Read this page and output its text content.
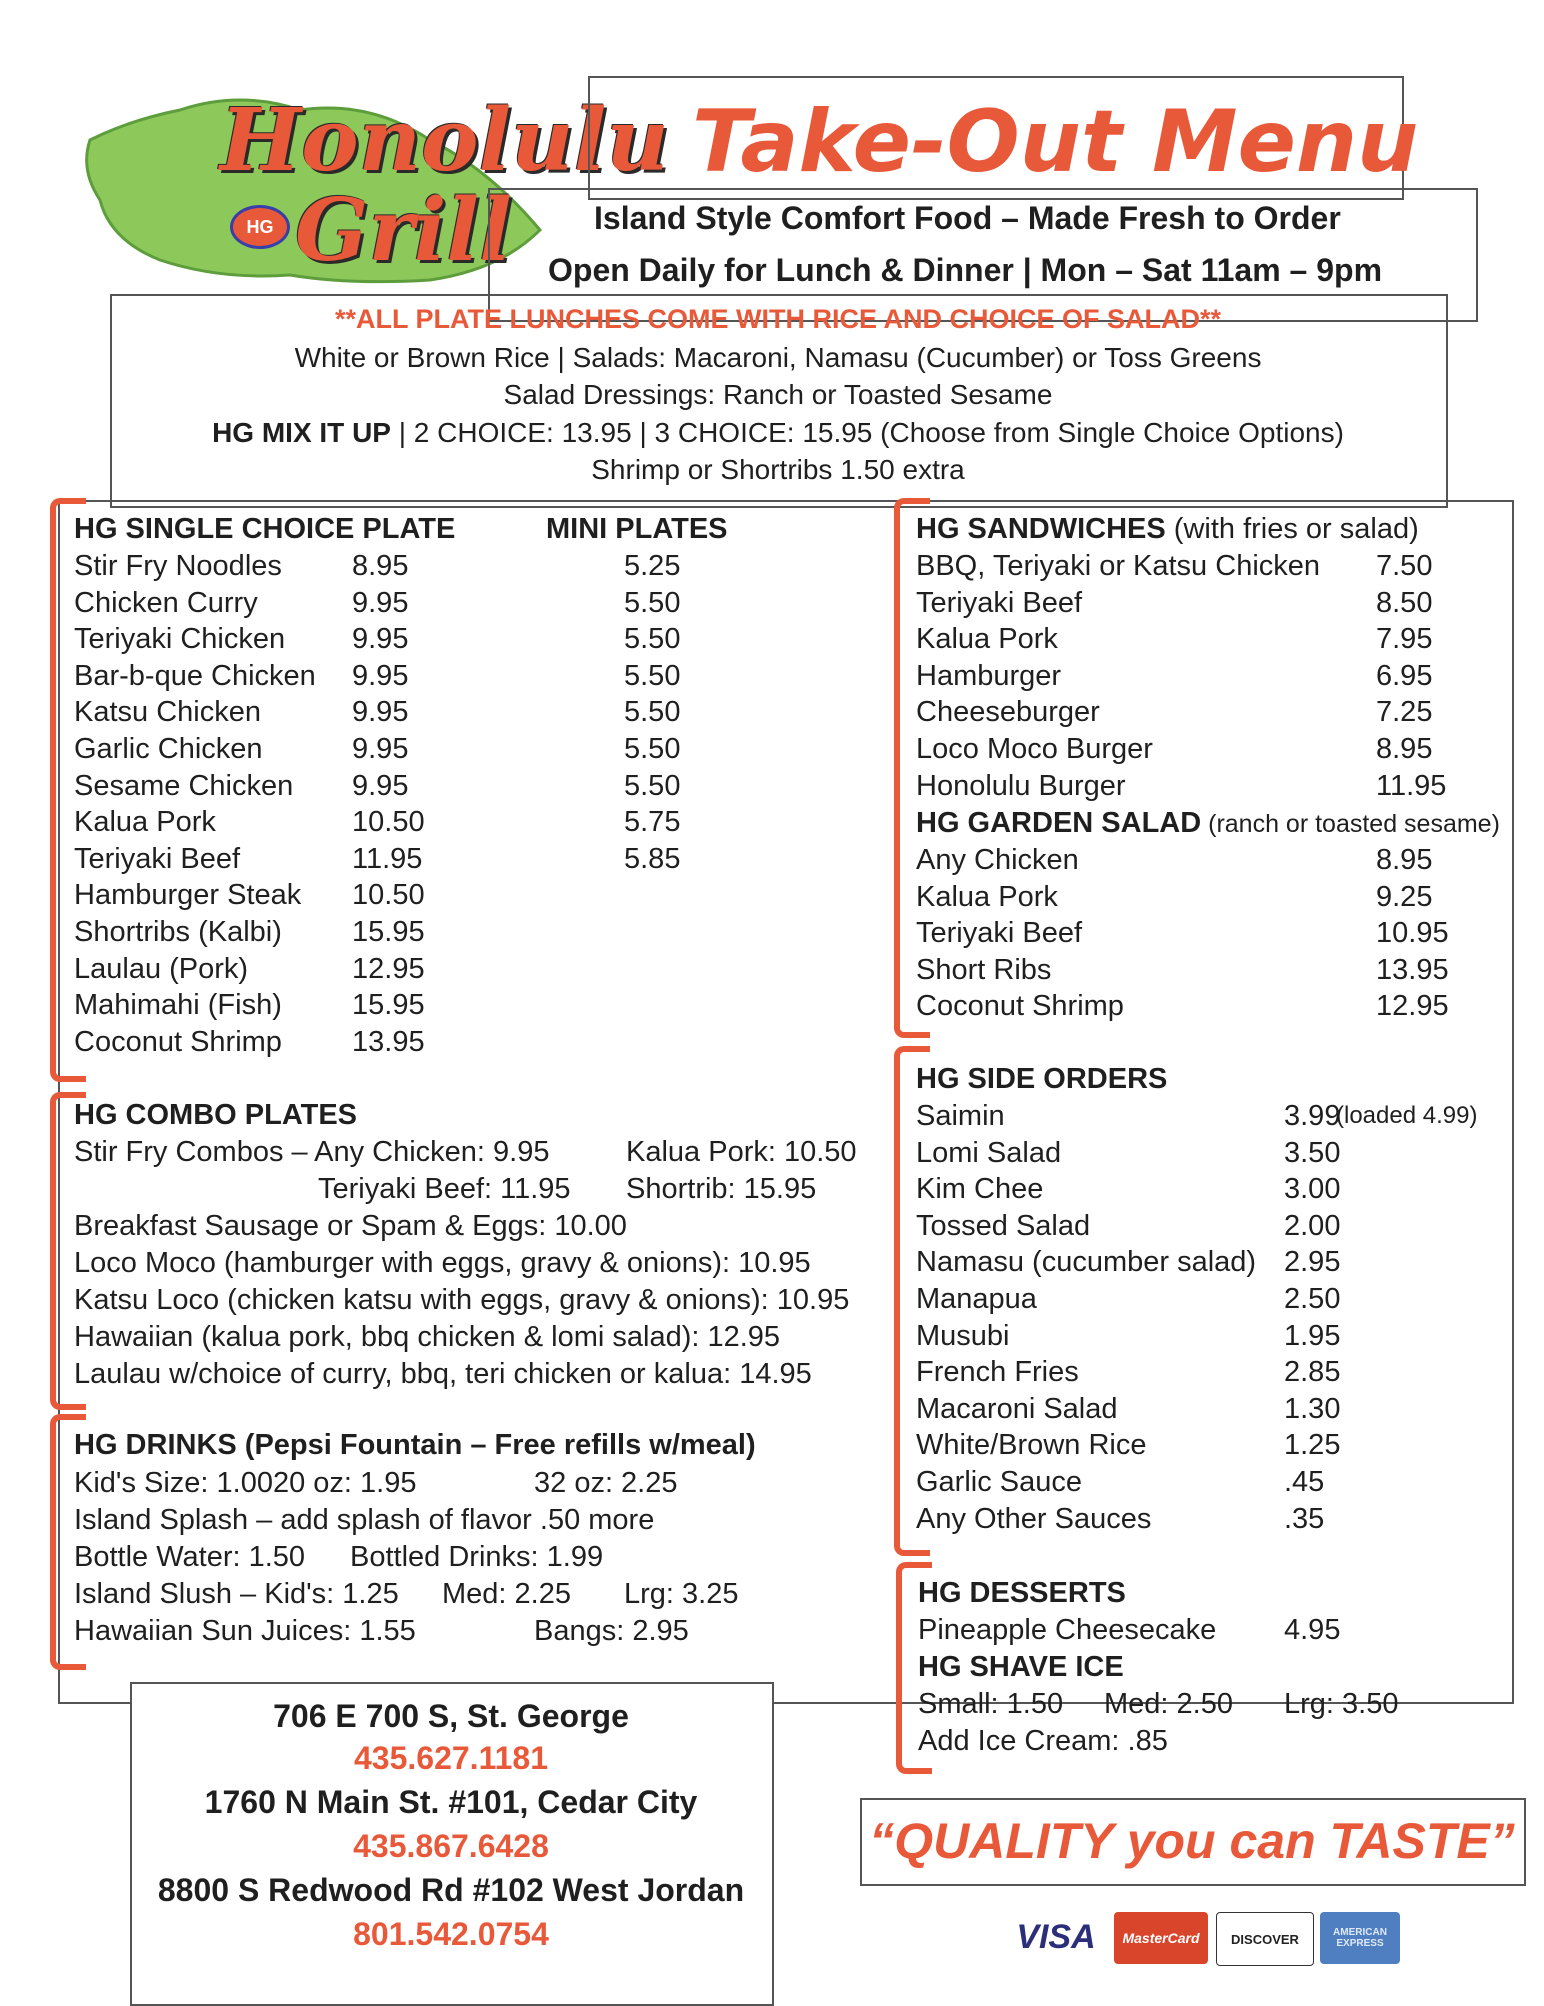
Honolulu
Grill
HG
Take-Out Menu
Island Style Comfort Food – Made Fresh to Order
Open Daily for Lunch & Dinner | Mon – Sat 11am – 9pm
**ALL PLATE LUNCHES COME WITH RICE AND CHOICE OF SALAD**
White or Brown Rice | Salads: Macaroni, Namasu (Cucumber) or Toss Greens
Salad Dressings: Ranch or Toasted Sesame
HG MIX IT UP | 2 CHOICE: 13.95 | 3 CHOICE: 15.95 (Choose from Single Choice Options)
Shrimp or Shortribs 1.50 extra
HG SINGLE CHOICE PLATE	MINI PLATES
Stir Fry Noodles 8.95	5.25
Chicken Curry	9.95	5.50
Teriyaki Chicken 9.95	5.50
Bar-b-que Chicken 9.95	5.50
Katsu Chicken	9.95	5.50
Garlic Chicken	9.95	5.50
Sesame Chicken 9.95	5.50
Kalua Pork	10.50	5.75
Teriyaki Beef	11.95	5.85
Hamburger Steak 10.50
Shortribs (Kalbi) 15.95
Laulau (Pork)	12.95
Mahimahi (Fish) 15.95
Coconut Shrimp 13.95
HG COMBO PLATES
Stir Fry Combos – Any Chicken: 9.95	Kalua Pork: 10.50
Teriyaki Beef: 11.95 Shortrib: 15.95
Breakfast Sausage or Spam & Eggs: 10.00
Loco Moco (hamburger with eggs, gravy & onions): 10.95
Katsu Loco (chicken katsu with eggs, gravy & onions): 10.95
Hawaiian (kalua pork, bbq chicken & lomi salad): 12.95
Laulau w/choice of curry, bbq, teri chicken or kalua: 14.95
HG DRINKS (Pepsi Fountain – Free refills w/meal)
Kid's Size: 1.0020 oz: 1.95	32 oz: 2.25
Island Splash – add splash of flavor .50 more
Bottle Water: 1.50 Bottled Drinks: 1.99
Island Slush – Kid's: 1.25 Med: 2.25 Lrg: 3.25
Hawaiian Sun Juices: 1.55	Bangs: 2.95
HG SANDWICHES (with fries or salad)
BBQ, Teriyaki or Katsu Chicken 7.50
Teriyaki Beef	8.50
Kalua Pork	7.95
Hamburger	6.95
Cheeseburger	7.25
Loco Moco Burger	8.95
Honolulu Burger	11.95
HG GARDEN SALAD (ranch or toasted sesame)
Any Chicken	8.95
Kalua Pork	9.25
Teriyaki Beef	10.95
Short Ribs	13.95
Coconut Shrimp	12.95
HG SIDE ORDERS
Saimin	3.99
Lomi Salad	3.50
Kim Chee	3.00
Tossed Salad	2.00
Namasu (cucumber salad) 2.95
Manapua	2.50
Musubi	1.95
French Fries	2.85
Macaroni Salad	1.30
White/Brown Rice	1.25
Garlic Sauce	.45
Any Other Sauces	.35
(loaded 4.99)
HG DESSERTS
Pineapple Cheesecake 4.95
HG SHAVE ICE
Small: 1.50 Med: 2.50 Lrg: 3.50
Add Ice Cream: .85
706 E 700 S, St. George
435.627.1181
1760 N Main St. #101, Cedar City
435.867.6428
8800 S Redwood Rd #102 West Jordan
801.542.0754
“QUALITY you can TASTE”
VISA	MasterCard	DISCOVER	AMERICAN EXPRESS
